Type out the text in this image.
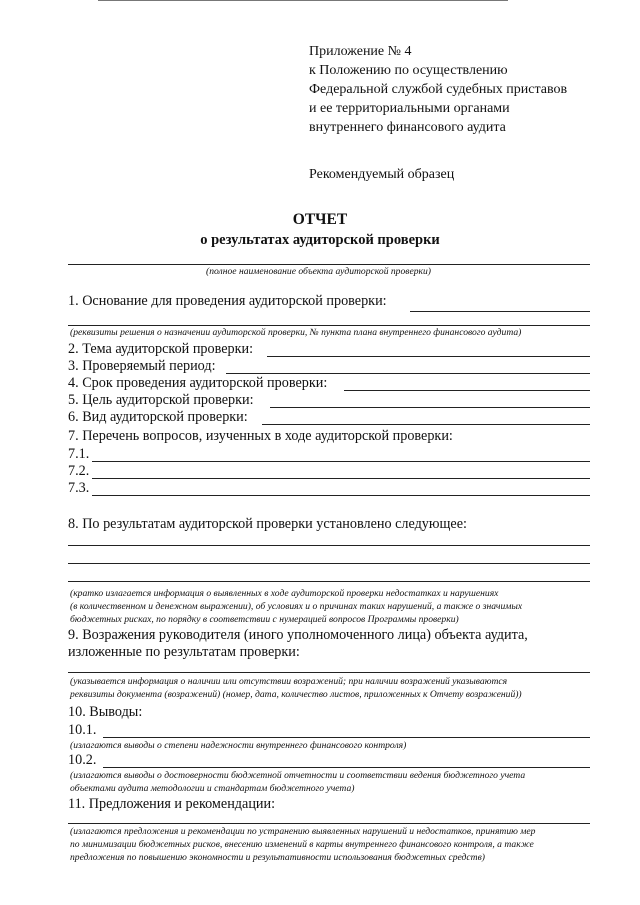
Приложение № 4
к Положению по осуществлению
Федеральной службой судебных приставов
и ее территориальными органами
внутреннего финансового аудита
Рекомендуемый образец
ОТЧЕТ
о результатах аудиторской проверки
(полное наименование объекта аудиторской проверки)
1. Основание для проведения аудиторской проверки:
(реквизиты решения о назначении аудиторской проверки, № пункта плана внутреннего финансового аудита)
2. Тема аудиторской проверки:
3. Проверяемый период:
4. Срок проведения аудиторской проверки:
5. Цель аудиторской проверки:
6. Вид аудиторской проверки:
7. Перечень вопросов, изученных в ходе аудиторской проверки:
7.1.
7.2.
7.3.
8. По результатам аудиторской проверки установлено следующее:
(кратко излагается информация о выявленных в ходе аудиторской проверки недостатках и нарушениях
(в количественном и денежном выражении), об условиях и о причинах таких нарушений, а также о значимых
бюджетных рисках, по порядку в соответствии с нумерацией вопросов Программы проверки)
9. Возражения руководителя (иного уполномоченного лица) объекта аудита,
изложенные по результатам проверки:
(указывается информация о наличии или отсутствии возражений; при наличии возражений указываются
реквизиты документа (возражений) (номер, дата, количество листов, приложенных к Отчету возражений))
10. Выводы:
10.1.
(излагаются выводы о степени надежности внутреннего финансового контроля)
10.2.
(излагаются выводы о достоверности бюджетной отчетности и соответствии ведения бюджетного учета
объектами аудита методологии и стандартам бюджетного учета)
11. Предложения и рекомендации:
(излагаются предложения и рекомендации по устранению выявленных нарушений и недостатков, принятию мер
по минимизации бюджетных рисков, внесению изменений в карты внутреннего финансового контроля, а также
предложения по повышению экономности и результативности использования бюджетных средств)
